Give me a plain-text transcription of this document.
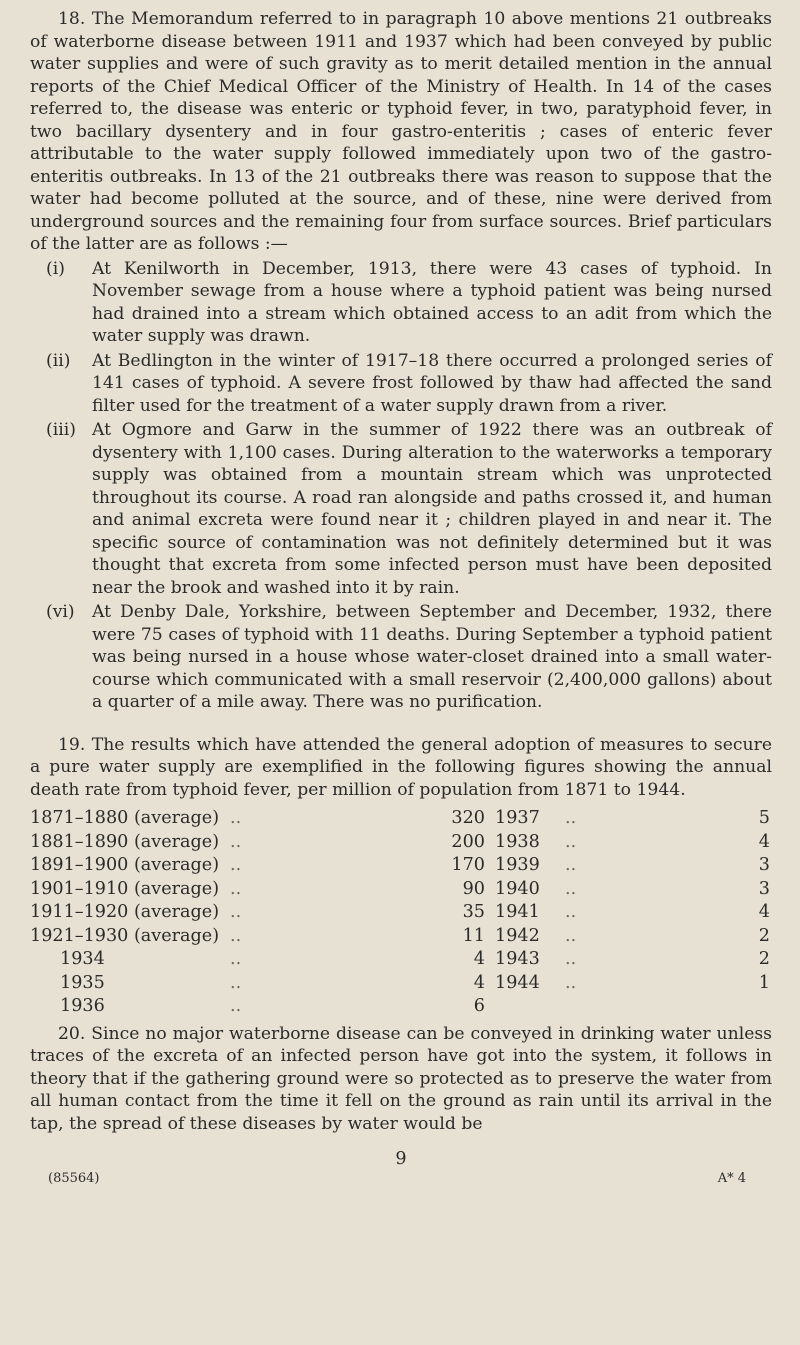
18. The Memorandum referred to in paragraph 10 above mentions 21 outbreaks of waterborne disease between 1911 and 1937 which had been conveyed by public water supplies and were of such gravity as to merit detailed mention in the annual reports of the Chief Medical Officer of the Ministry of Health. In 14 of the cases referred to, the disease was enteric or typhoid fever, in two, paratyphoid fever, in two bacillary dysentery and in four gastro-enteritis ; cases of enteric fever attributable to the water supply followed immediately upon two of the gastro-enteritis outbreaks. In 13 of the 21 outbreaks there was reason to suppose that the water had become polluted at the source, and of these, nine were derived from underground sources and the remaining four from surface sources. Brief particulars of the latter are as follows :—

(i)	At Kenilworth in December, 1913, there were 43 cases of typhoid. In November sewage from a house where a typhoid patient was being nursed had drained into a stream which obtained access to an adit from which the water supply was drawn.
(ii)	At Bedlington in the winter of 1917–18 there occurred a prolonged series of 141 cases of typhoid. A severe frost followed by thaw had affected the sand filter used for the treatment of a water supply drawn from a river.
(iii) At Ogmore and Garw in the summer of 1922 there was an outbreak of dysentery with 1,100 cases. During alteration to the waterworks a temporary supply was obtained from a mountain stream which was unprotected throughout its course. A road ran alongside and paths crossed it, and human and animal excreta were found near it ; children played in and near it. The specific source of contamination was not definitely determined but it was thought that excreta from some infected person must have been deposited near the brook and washed into it by rain.
(vi)	At Denby Dale, Yorkshire, between September and December, 1932, there were 75 cases of typhoid with 11 deaths. During September a typhoid patient was being nursed in a house whose water-closet drained into a small water-course which communicated with a small reservoir (2,400,000 gallons) about a quarter of a mile away. There was no purification.

19. The results which have attended the general adoption of measures to secure a pure water supply are exemplified in the following figures showing the annual death rate from typhoid fever, per million of population from 1871 to 1944.

1871–1880 (average) ..	320
1881–1890 (average) ..	200
1891–1900 (average) ..	170
1901–1910 (average) ..	90
1911–1920 (average) ..	35
1921–1930 (average) ..	11
1934	..	4
1935	..	4
1936	..	6
1937	..	5
1938	..	4
1939	..	3
1940	..	3
1941	..	4
1942	..	2
1943	..	2
1944	..	1

20. Since no major waterborne disease can be conveyed in drinking water unless traces of the excreta of an infected person have got into the system, it follows in theory that if the gathering ground were so protected as to preserve the water from all human contact from the time it fell on the ground as rain until its arrival in the tap, the spread of these diseases by water would be

9
(85564)	A* 4
